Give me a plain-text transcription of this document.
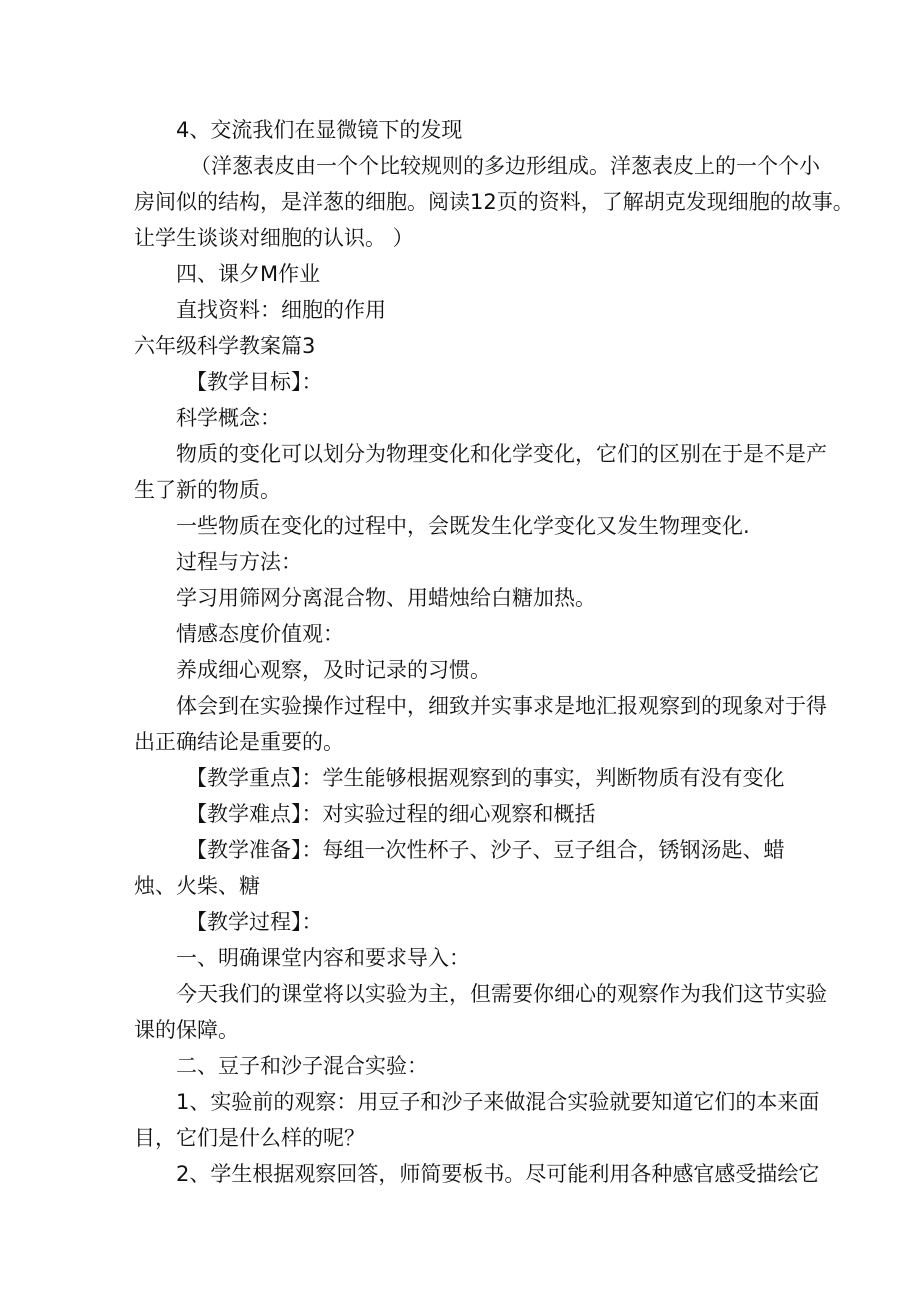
4、交流我们在显微镜下的发现
（洋葱表皮由一个个比较规则的多边形组成。洋葱表皮上的一个个小
房间似的结构，是洋葱的细胞。阅读12页的资料，了解胡克发现细胞的故事。
让学生谈谈对细胞的认识。 ）
四、课夕M作业
直找资料：细胞的作用
六年级科学教案篇3
【教学目标】：
科学概念：
物质的变化可以划分为物理变化和化学变化，它们的区别在于是不是产
生了新的物质。
一些物质在变化的过程中，会既发生化学变化又发生物理变化.
过程与方法：
学习用筛网分离混合物、用蜡烛给白糖加热。
情感态度价值观：
养成细心观察，及时记录的习惯。
体会到在实验操作过程中，细致并实事求是地汇报观察到的现象对于得
出正确结论是重要的。
【教学重点】：学生能够根据观察到的事实，判断物质有没有变化
【教学难点】：对实验过程的细心观察和概括
【教学准备】：每组一次性杯子、沙子、豆子组合，锈钢汤匙、蜡
烛、火柴、糖
【教学过程】：
一、明确课堂内容和要求导入：
今天我们的课堂将以实验为主，但需要你细心的观察作为我们这节实验
课的保障。
二、豆子和沙子混合实验：
1、实验前的观察：用豆子和沙子来做混合实验就要知道它们的本来面
目，它们是什么样的呢？
2、学生根据观察回答，师简要板书。尽可能利用各种感官感受描绘它
